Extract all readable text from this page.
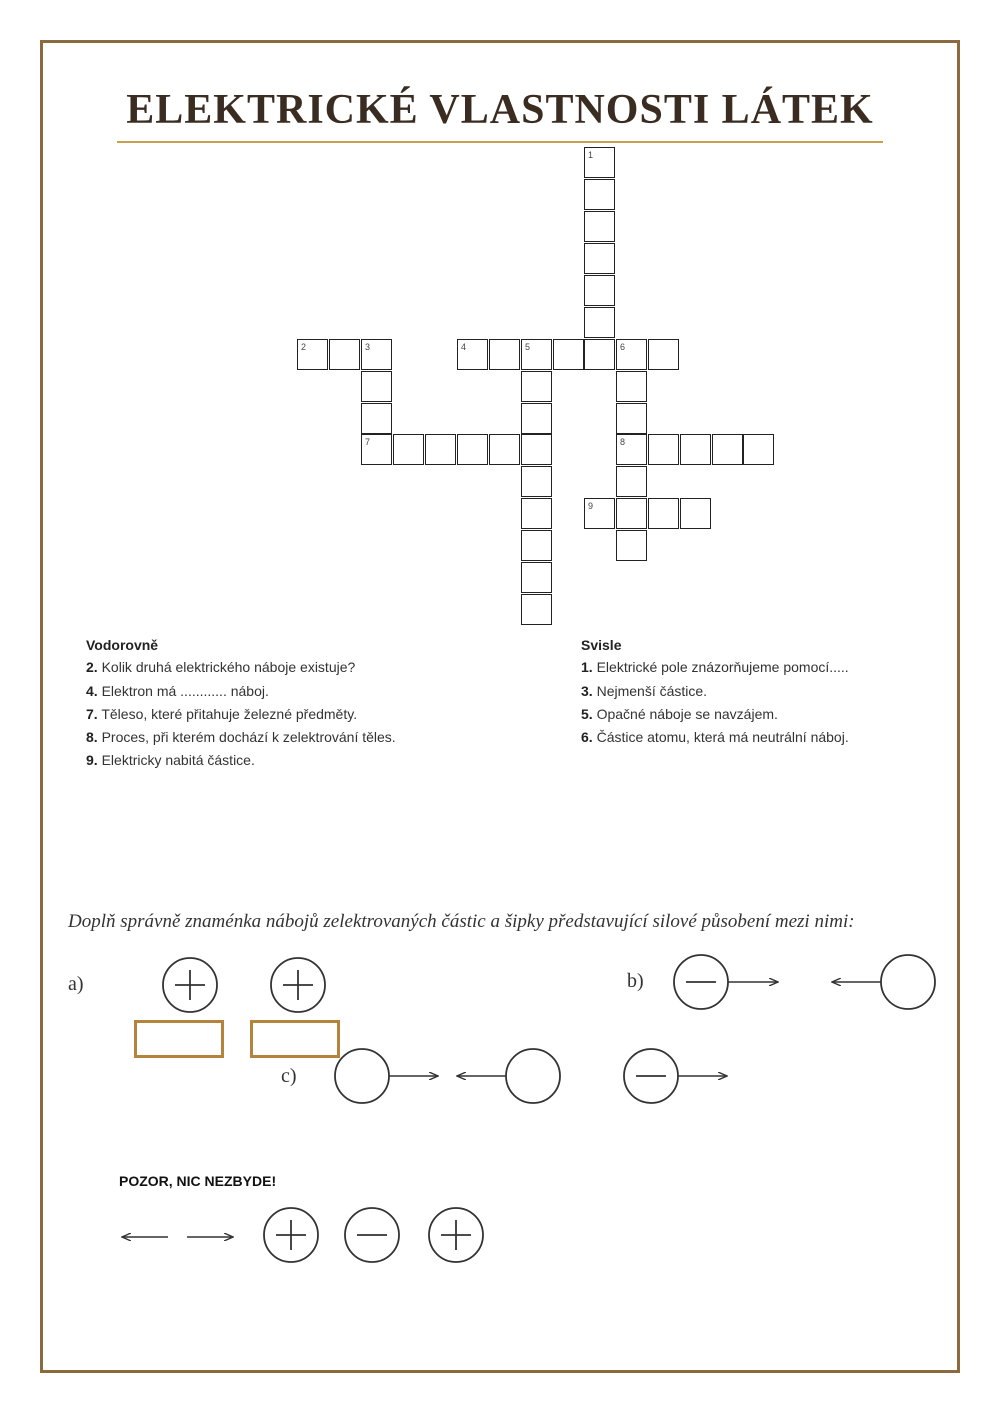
ELEKTRICKÉ VLASTNOSTI LÁTEK
1
2	3	4	5	6
7	8
9
Vodorovně
2. Kolik druhá elektrického náboje existuje?
4. Elektron má ............ náboj.
7. Těleso, které přitahuje železné předměty.
8. Proces, při kterém dochází k zelektrování těles.
9. Elektricky nabitá částice.
Svisle
1. Elektrické pole znázorňujeme pomocí.....
3. Nejmenší částice.
5. Opačné náboje se navzájem.
6. Částice atomu, která má neutrální náboj.
Doplň správně znaménka nábojů zelektrovaných částic a šipky představující silové působení mezi nimi:
a)	b)
c)
POZOR, NIC NEZBYDE!
